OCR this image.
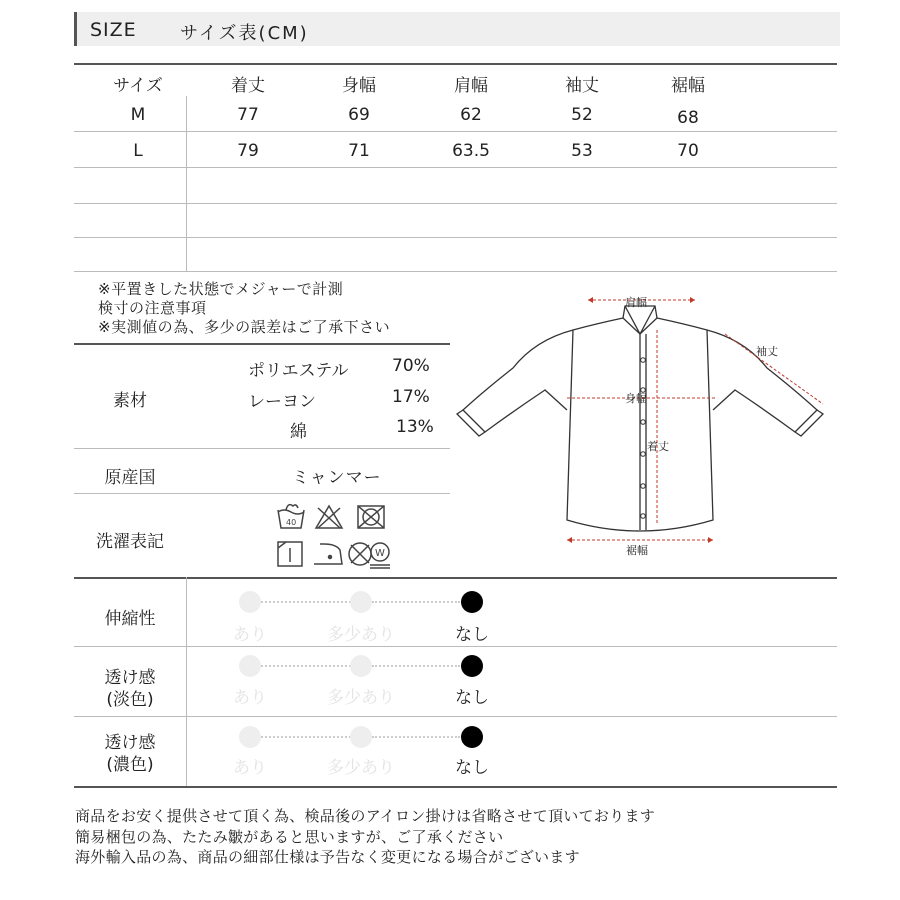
SIZE サイズ表(CM)
サイズ	着丈	身幅	肩幅	袖丈	裾幅
M	77	69	62	52	68
L	79	71	63.5	53	70
※平置きした状態でメジャーで計測
検寸の注意事項
※実測値の為、多少の誤差はご了承下さい
素材
ポリエステル	70%
レーヨン	17%
綿	13%
原産国	ミャンマー
洗濯表記
40
W
肩幅
袖丈
身幅
着丈
裾幅
伸縮性
あり	多少あり	なし
透け感
(淡色)	あり	多少あり	なし
透け感
(濃色)	あり	多少あり	なし
商品をお安く提供させて頂く為、検品後のアイロン掛けは省略させて頂いております
簡易梱包の為、たたみ皺があると思いますが、ご了承ください
海外輸入品の為、商品の細部仕様は予告なく変更になる場合がございます
